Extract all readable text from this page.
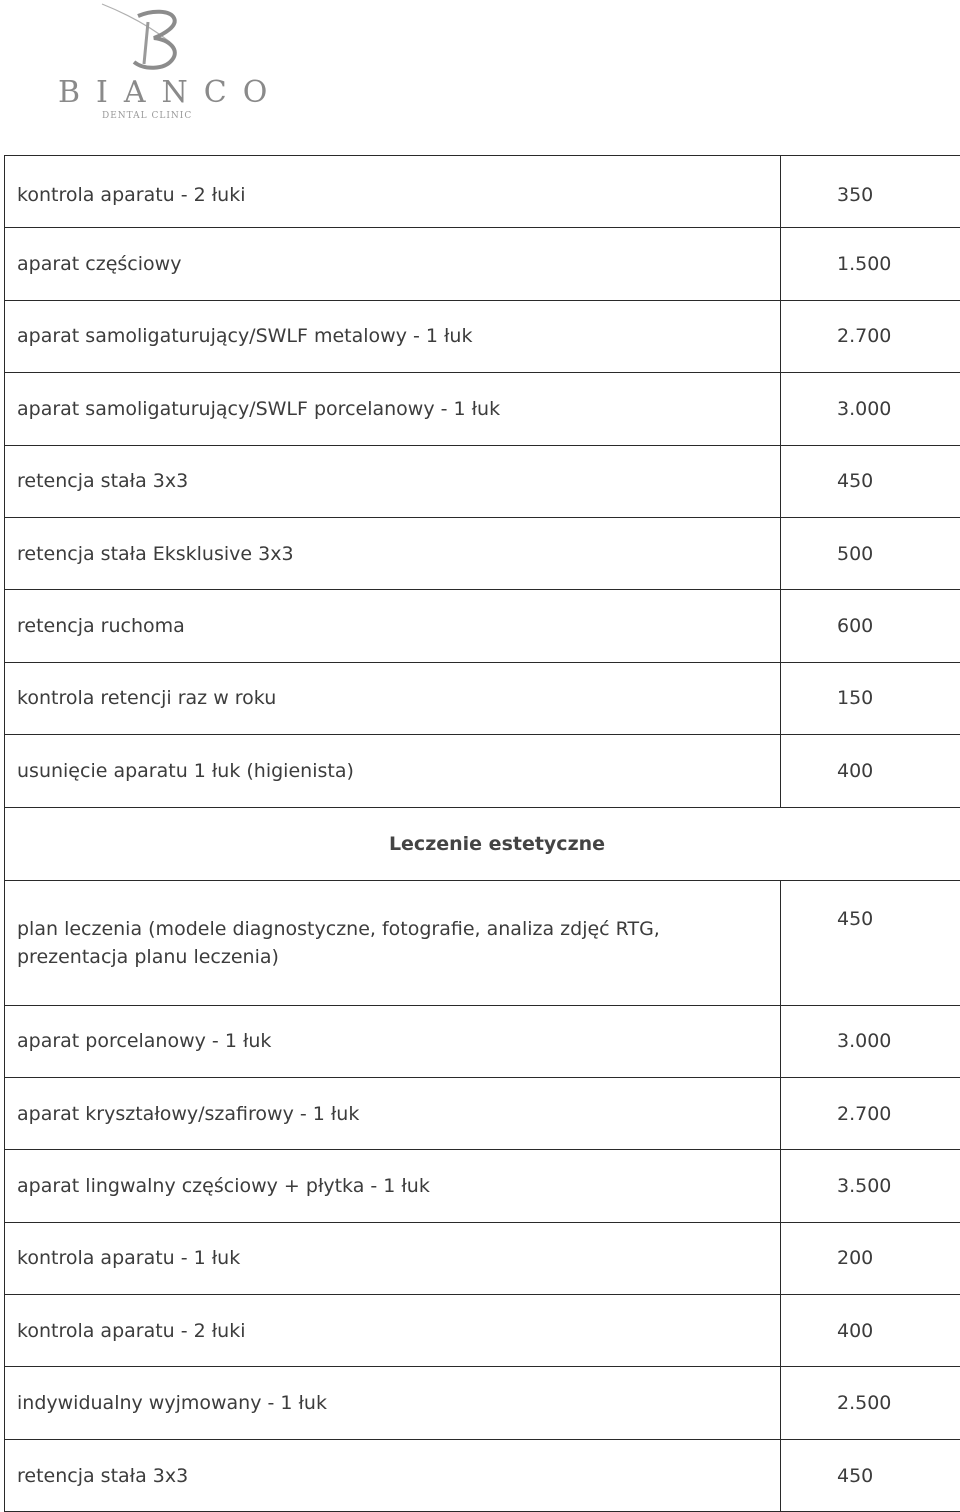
BIANCO
DENTAL CLINIC
kontrola aparatu - 2 łuki	350
aparat częściowy	1.500
aparat samoligaturujący/SWLF metalowy - 1 łuk	2.700
aparat samoligaturujący/SWLF porcelanowy - 1 łuk	3.000
retencja stała 3x3	450
retencja stała Eksklusive 3x3	500
retencja ruchoma	600
kontrola retencji raz w roku	150
usunięcie aparatu 1 łuk (higienista)	400
Leczenie estetyczne	
plan leczenia (modele diagnostyczne, fotografie, analiza zdjęć RTG, prezentacja planu leczenia)	450
aparat porcelanowy - 1 łuk	3.000
aparat kryształowy/szafirowy - 1 łuk	2.700
aparat lingwalny częściowy + płytka - 1 łuk	3.500
kontrola aparatu - 1 łuk	200
kontrola aparatu - 2 łuki	400
indywidualny wyjmowany - 1 łuk	2.500
retencja stała 3x3	450
